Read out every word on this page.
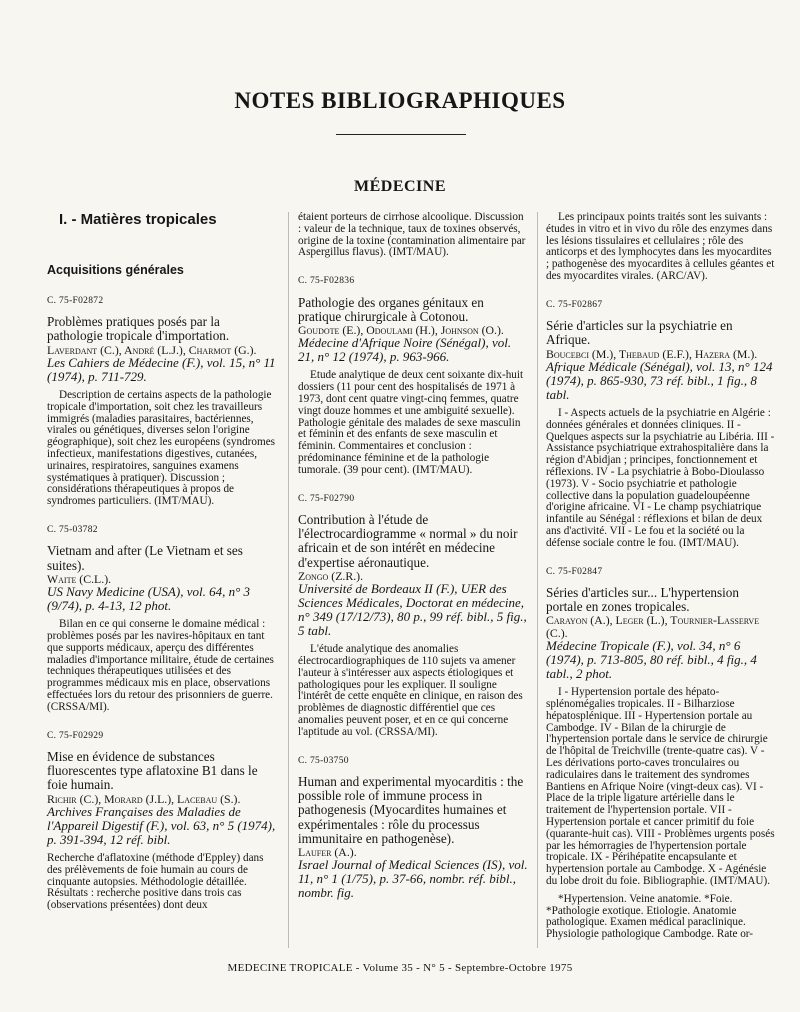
NOTES BIBLIOGRAPHIQUES
MÉDECINE
I. - Matières tropicales
Acquisitions générales
C. 75-F02872
Problèmes pratiques posés par la pathologie tropicale d'importation.
Laverdant (C.), André (L.J.), Charmot (G.).
Les Cahiers de Médecine (F.), vol. 15, n° 11 (1974), p. 711-729.
Description de certains aspects de la pathologie tropicale d'importation, soit chez les travailleurs immigrés (maladies parasitaires, bactériennes, virales ou génétiques, diverses selon l'origine géographique), soit chez les européens (syndromes infectieux, manifestations digestives, cutanées, urinaires, respiratoires, sanguines examens systématiques à pratiquer). Discussion ; considérations thérapeutiques à propos de syndromes particuliers. (IMT/MAU).
C. 75-03782
Vietnam and after (Le Vietnam et ses suites).
Waite (C.L.).
US Navy Medicine (USA), vol. 64, n° 3 (9/74), p. 4-13, 12 phot.
Bilan en ce qui conserne le domaine médical : problèmes posés par les navires-hôpitaux en tant que supports médicaux, aperçu des différentes maladies d'importance militaire, étude de certaines techniques thérapeutiques utilisées et des programmes médicaux mis en place, observations effectuées lors du retour des prisonniers de guerre. (CRSSA/MI).
C. 75-F02929
Mise en évidence de substances fluorescentes type aflatoxine B1 dans le foie humain.
Richir (C.), Morard (J.L.), Lacebau (S.).
Archives Françaises des Maladies de l'Appareil Digestif (F.), vol. 63, n° 5 (1974), p. 391-394, 12 réf. bibl.
Recherche d'aflatoxine (méthode d'Eppley) dans des prélèvements de foie humain au cours de cinquante autopsies. Méthodologie détaillée. Résultats : recherche positive dans trois cas (observations présentées) dont deux
étaient porteurs de cirrhose alcoolique. Discussion : valeur de la technique, taux de toxines observés, origine de la toxine (contamination alimentaire par Aspergillus flavus). (IMT/MAU).
C. 75-F02836
Pathologie des organes génitaux en pratique chirurgicale à Cotonou.
Goudote (E.), Odoulami (H.), Johnson (O.).
Médecine d'Afrique Noire (Sénégal), vol. 21, n° 12 (1974), p. 963-966.
Etude analytique de deux cent soixante dix-huit dossiers (11 pour cent des hospitalisés de 1971 à 1973, dont cent quatre vingt-cinq femmes, quatre vingt douze hommes et une ambiguité sexuelle). Pathologie génitale des malades de sexe masculin et féminin et des enfants de sexe masculin et féminin. Commentaires et conclusion : prédominance féminine et de la pathologie tumorale. (39 pour cent). (IMT/MAU).
C. 75-F02790
Contribution à l'étude de l'électrocardiogramme « normal » du noir africain et de son intérêt en médecine d'expertise aéronautique.
Zongo (Z.R.).
Université de Bordeaux II (F.), UER des Sciences Médicales, Doctorat en médecine, n° 349 (17/12/73), 80 p., 99 réf. bibl., 5 fig., 5 tabl.
L'étude analytique des anomalies électrocardiographiques de 110 sujets va amener l'auteur à s'intéresser aux aspects étiologiques et pathologiques pour les expliquer. Il souligne l'intérêt de cette enquête en clinique, en raison des problèmes de diagnostic différentiel que ces anomalies peuvent poser, et en ce qui concerne l'aptitude au vol. (CRSSA/MI).
C. 75-03750
Human and experimental myocarditis : the possible role of immune process in pathogenesis (Myocardites humaines et expérimentales : rôle du processus immunitaire en pathogenèse).
Laufer (A.).
Israel Journal of Medical Sciences (IS), vol. 11, n° 1 (1/75), p. 37-66, nombr. réf. bibl., nombr. fig.
Les principaux points traités sont les suivants : études in vitro et in vivo du rôle des enzymes dans les lésions tissulaires et cellulaires ; rôle des anticorps et des lymphocytes dans les myocardites ; pathogenèse des myocardites à cellules géantes et des myocardites virales. (ARC/AV).
C. 75-F02867
Série d'articles sur la psychiatrie en Afrique.
Boucebci (M.), Thebaud (E.F.), Hazera (M.).
Afrique Médicale (Sénégal), vol. 13, n° 124 (1974), p. 865-930, 73 réf. bibl., 1 fig., 8 tabl.
I - Aspects actuels de la psychiatrie en Algérie : données générales et données cliniques. II - Quelques aspects sur la psychiatrie au Libéria. III - Assistance psychiatrique extrahospitalière dans la région d'Abidjan ; principes, fonctionnement et réflexions. IV - La psychiatrie à Bobo-Dioulasso (1973). V - Socio psychiatrie et pathologie collective dans la population guadeloupéenne d'origine africaine. VI - Le champ psychiatrique infantile au Sénégal : réflexions et bilan de deux ans d'activité. VII - Le fou et la société ou la défense sociale contre le fou. (IMT/MAU).
C. 75-F02847
Séries d'articles sur... L'hypertension portale en zones tropicales.
Carayon (A.), Leger (L.), Tournier-Lasserve (C.).
Médecine Tropicale (F.), vol. 34, n° 6 (1974), p. 713-805, 80 réf. bibl., 4 fig., 4 tabl., 2 phot.
I - Hypertension portale des hépato-splénomégalies tropicales. II - Bilharziose hépatosplénique. III - Hypertension portale au Cambodge. IV - Bilan de la chirurgie de l'hypertension portale dans le service de chirurgie de l'hôpital de Treichville (trente-quatre cas). V - Les dérivations porto-caves tronculaires ou radiculaires dans le traitement des syndromes Bantiens en Afrique Noire (vingt-deux cas). VI - Place de la triple ligature artérielle dans le traitement de l'hypertension portale. VII - Hypertension portale et cancer primitif du foie (quarante-huit cas). VIII - Problèmes urgents posés par les hémorragies de l'hypertension portale tropicale. IX - Périhépatite encapsulante et hypertension portale au Cambodge. X - Agénésie du lobe droit du foie. Bibliographie. (IMT/MAU).
*Hypertension. Veine anatomie. *Foie. *Pathologie exotique. Etiologie. Anatomie pathologique. Examen médical paraclinique. Physiologie pathologique Cambodge. Rate or-
MEDECINE TROPICALE - Volume 35 - N° 5 - Septembre-Octobre 1975
